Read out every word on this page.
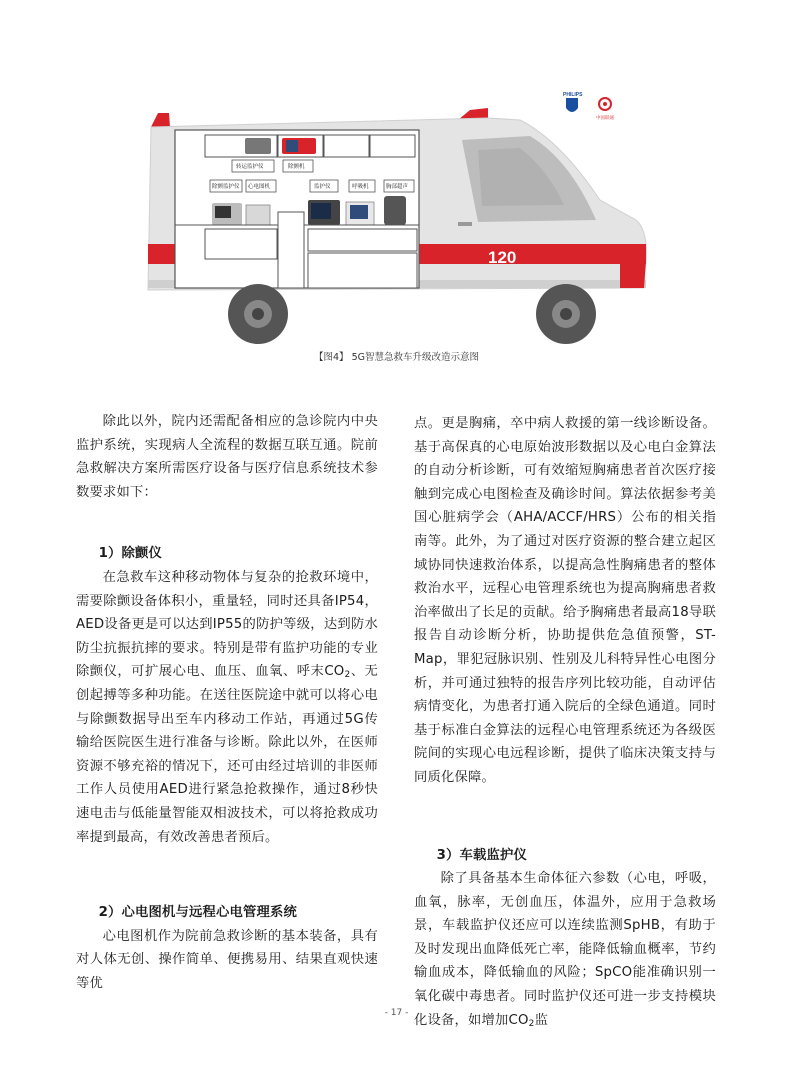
120
转运监护仪	除颤机
除颤监护仪 心电图机	监护仪	呼吸机	胸部超声
PHILIPS
中国联通
【图4】 5G智慧急救车升级改造示意图

除此以外，院内还需配备相应的急诊院内中央监护系统，实现病人全流程的数据互联互通。院前急救解决方案所需医疗设备与医疗信息系统技术参数要求如下：

1）除颤仪

在急救车这种移动物体与复杂的抢救环境中，需要除颤设备体积小，重量轻，同时还具备IP54，AED设备更是可以达到IP55的防护等级，达到防水防尘抗振抗摔的要求。特别是带有监护功能的专业除颤仪，可扩展心电、血压、血氧、呼末$CO_2$、无创起搏等多种功能。在送往医院途中就可以将心电与除颤数据导出至车内移动工作站，再通过5G传输给医院医生进行准备与诊断。除此以外，在医师资源不够充裕的情况下，还可由经过培训的非医师工作人员使用AED进行紧急抢救操作，通过8秒快速电击与低能量智能双相波技术，可以将抢救成功率提到最高，有效改善患者预后。

2）心电图机与远程心电管理系统

心电图机作为院前急救诊断的基本装备，具有对人体无创、操作简单、便携易用、结果直观快速等优

点。更是胸痛，卒中病人救援的第一线诊断设备。基于高保真的心电原始波形数据以及心电白金算法的自动分析诊断，可有效缩短胸痛患者首次医疗接触到完成心电图检查及确诊时间。算法依据参考美国心脏病学会（AHA/ACCF/HRS）公布的相关指南等。此外，为了通过对医疗资源的整合建立起区域协同快速救治体系，以提高急性胸痛患者的整体救治水平，远程心电管理系统也为提高胸痛患者救治率做出了长足的贡献。给予胸痛患者最高18导联报告自动诊断分析，协助提供危急值预警，ST-Map，罪犯冠脉识别、性别及儿科特异性心电图分析，并可通过独特的报告序列比较功能，自动评估病情变化，为患者打通入院后的全绿色通道。同时基于标准白金算法的远程心电管理系统还为各级医院间的实现心电远程诊断，提供了临床决策支持与同质化保障。

3）车载监护仪

除了具备基本生命体征六参数（心电，呼吸，血氧，脉率，无创血压，体温外，应用于急救场景，车载监护仪还应可以连续监测SpHB，有助于及时发现出血降低死亡率，能降低输血概率，节约输血成本，降低输血的风险；SpCO能准确识别一氧化碳中毒患者。同时监护仪还可进一步支持模块化设备，如增加$CO_2$监

- 17 -
